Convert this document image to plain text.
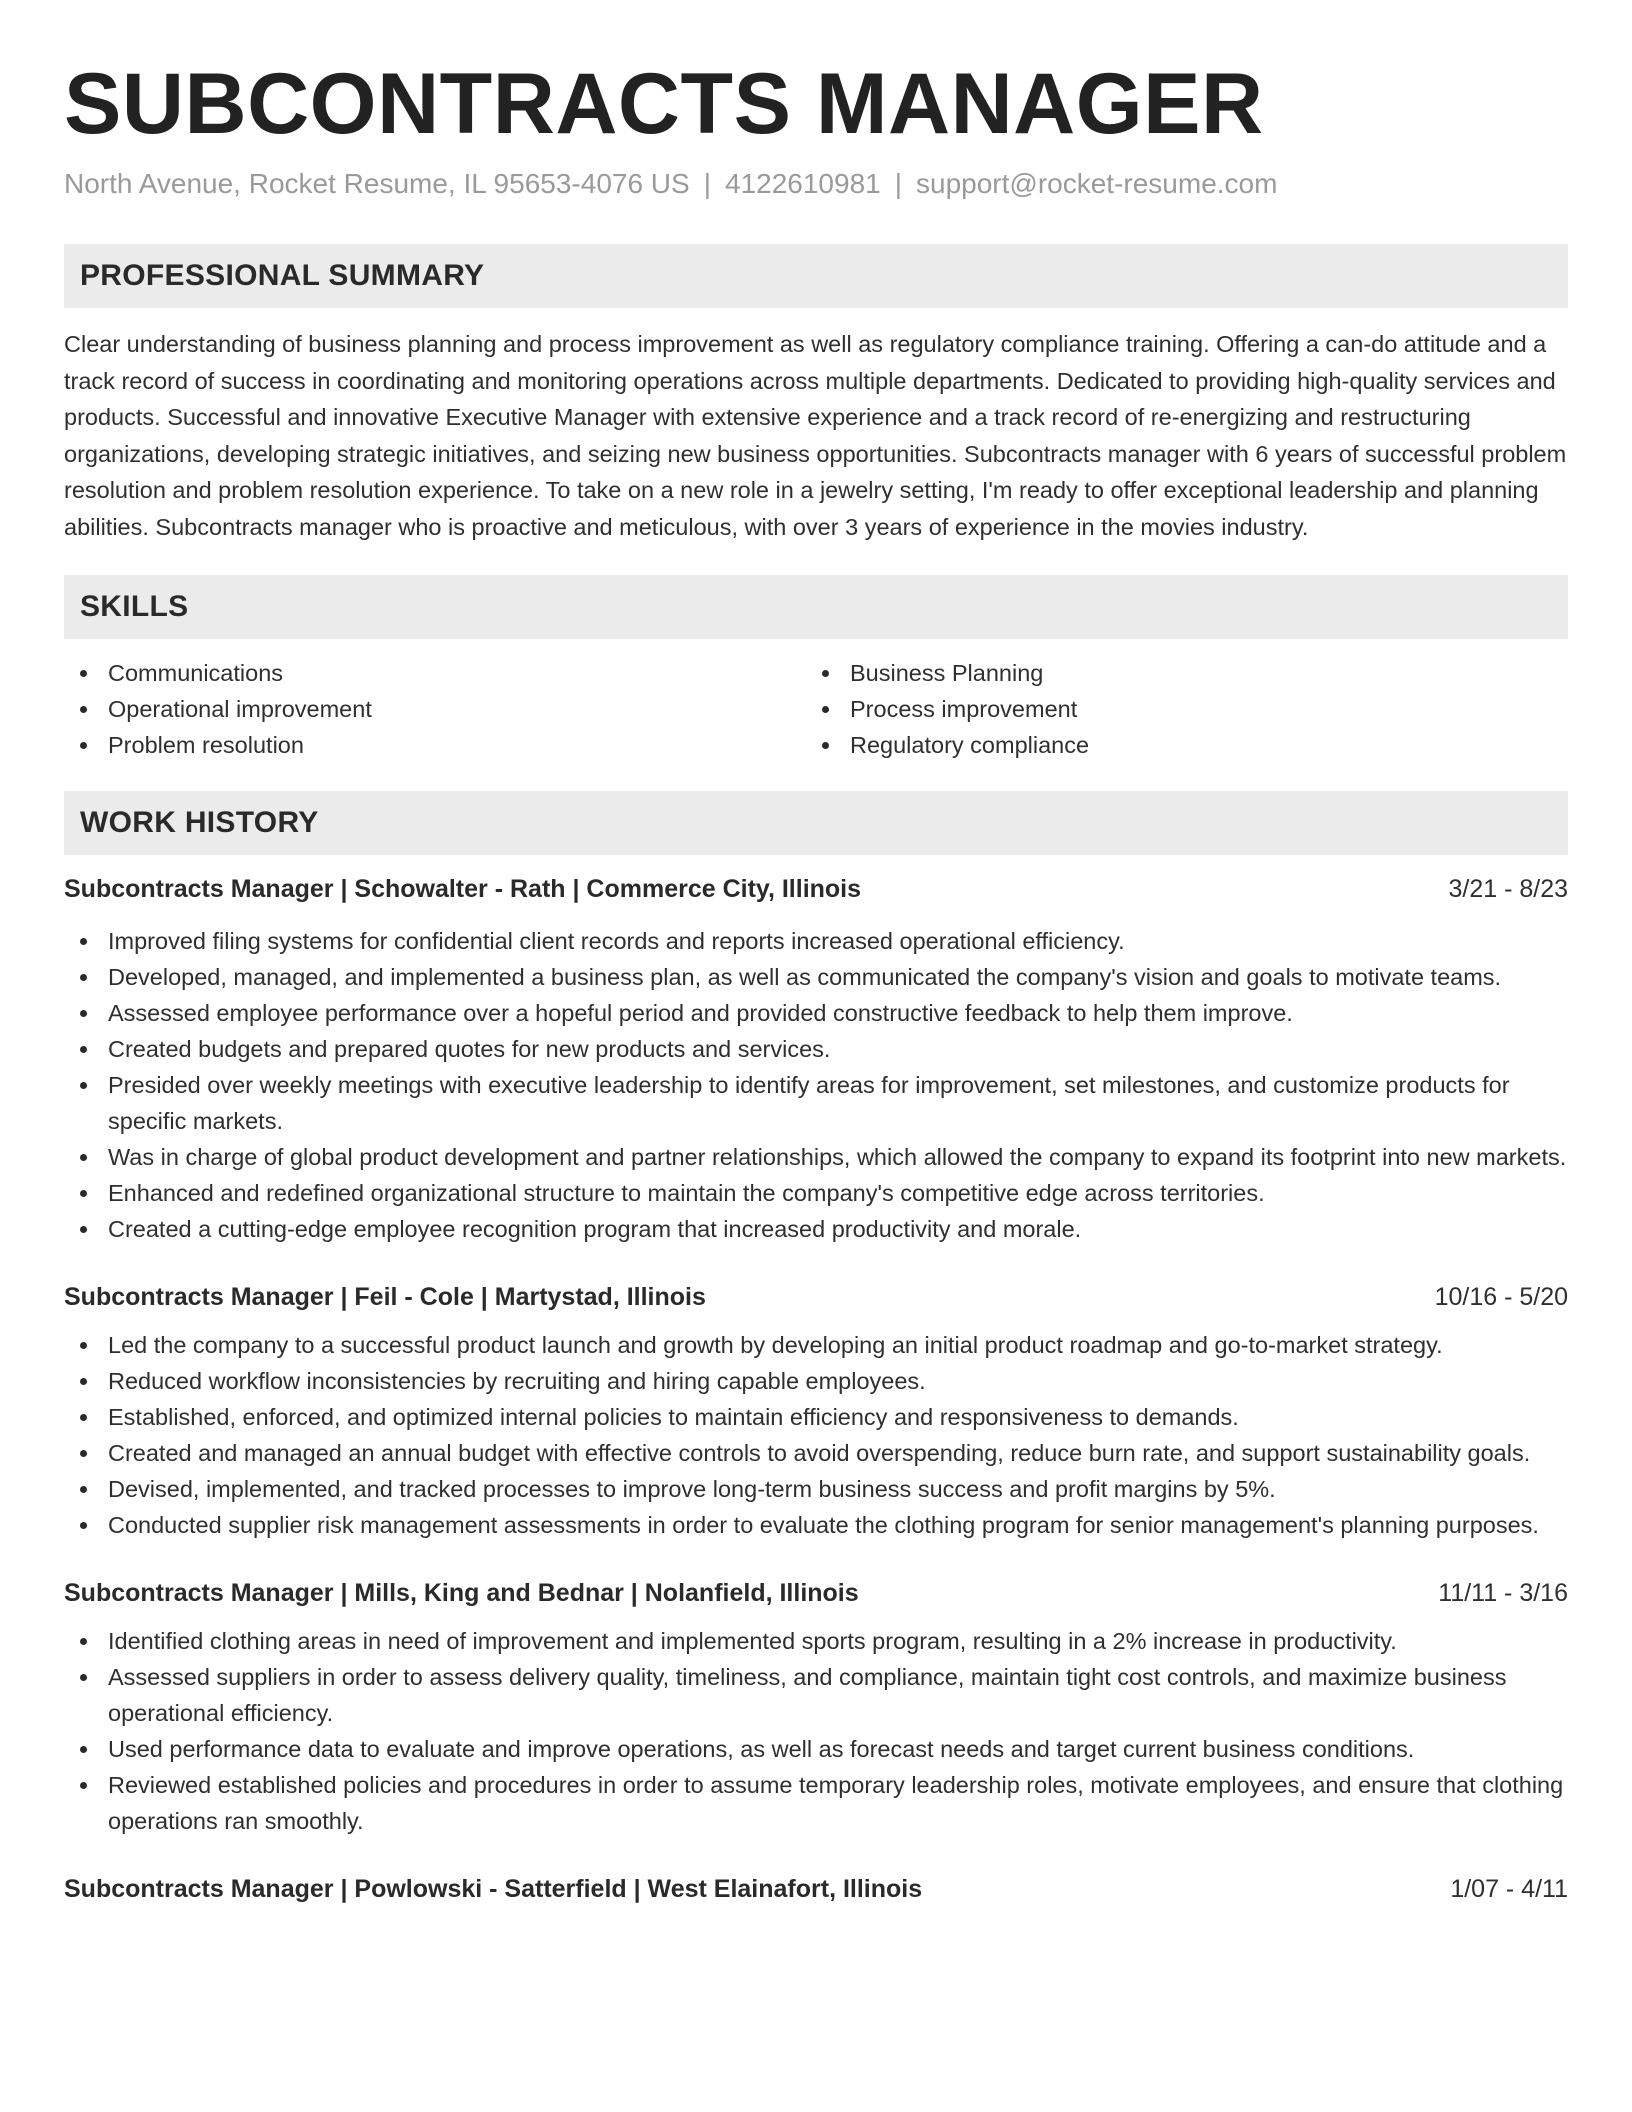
SUBCONTRACTS MANAGER
North Avenue, Rocket Resume, IL 95653-4076 US | 4122610981 | support@rocket-resume.com
PROFESSIONAL SUMMARY

Clear understanding of business planning and process improvement as well as regulatory compliance training. Offering a can-do attitude and a track record of success in coordinating and monitoring operations across multiple departments. Dedicated to providing high-quality services and products. Successful and innovative Executive Manager with extensive experience and a track record of re-energizing and restructuring organizations, developing strategic initiatives, and seizing new business opportunities. Subcontracts manager with 6 years of successful problem resolution and problem resolution experience. To take on a new role in a jewelry setting, I'm ready to offer exceptional leadership and planning abilities. Subcontracts manager who is proactive and meticulous, with over 3 years of experience in the movies industry.

SKILLS
Communications
Operational improvement
Problem resolution
Business Planning
Process improvement
Regulatory compliance
WORK HISTORY
Subcontracts Manager | Schowalter - Rath | Commerce City, Illinois	3/21 - 8/23
Improved filing systems for confidential client records and reports increased operational efficiency.
Developed, managed, and implemented a business plan, as well as communicated the company's vision and goals to motivate teams.
Assessed employee performance over a hopeful period and provided constructive feedback to help them improve.
Created budgets and prepared quotes for new products and services.
Presided over weekly meetings with executive leadership to identify areas for improvement, set milestones, and customize products for specific markets.
Was in charge of global product development and partner relationships, which allowed the company to expand its footprint into new markets.
Enhanced and redefined organizational structure to maintain the company's competitive edge across territories.
Created a cutting-edge employee recognition program that increased productivity and morale.
Subcontracts Manager | Feil - Cole | Martystad, Illinois	10/16 - 5/20
Led the company to a successful product launch and growth by developing an initial product roadmap and go-to-market strategy.
Reduced workflow inconsistencies by recruiting and hiring capable employees.
Established, enforced, and optimized internal policies to maintain efficiency and responsiveness to demands.
Created and managed an annual budget with effective controls to avoid overspending, reduce burn rate, and support sustainability goals.
Devised, implemented, and tracked processes to improve long-term business success and profit margins by 5%.
Conducted supplier risk management assessments in order to evaluate the clothing program for senior management's planning purposes.
Subcontracts Manager | Mills, King and Bednar | Nolanfield, Illinois	11/11 - 3/16
Identified clothing areas in need of improvement and implemented sports program, resulting in a 2% increase in productivity.
Assessed suppliers in order to assess delivery quality, timeliness, and compliance, maintain tight cost controls, and maximize business operational efficiency.
Used performance data to evaluate and improve operations, as well as forecast needs and target current business conditions.
Reviewed established policies and procedures in order to assume temporary leadership roles, motivate employees, and ensure that clothing operations ran smoothly.
Subcontracts Manager | Powlowski - Satterfield | West Elainafort, Illinois	1/07 - 4/11
